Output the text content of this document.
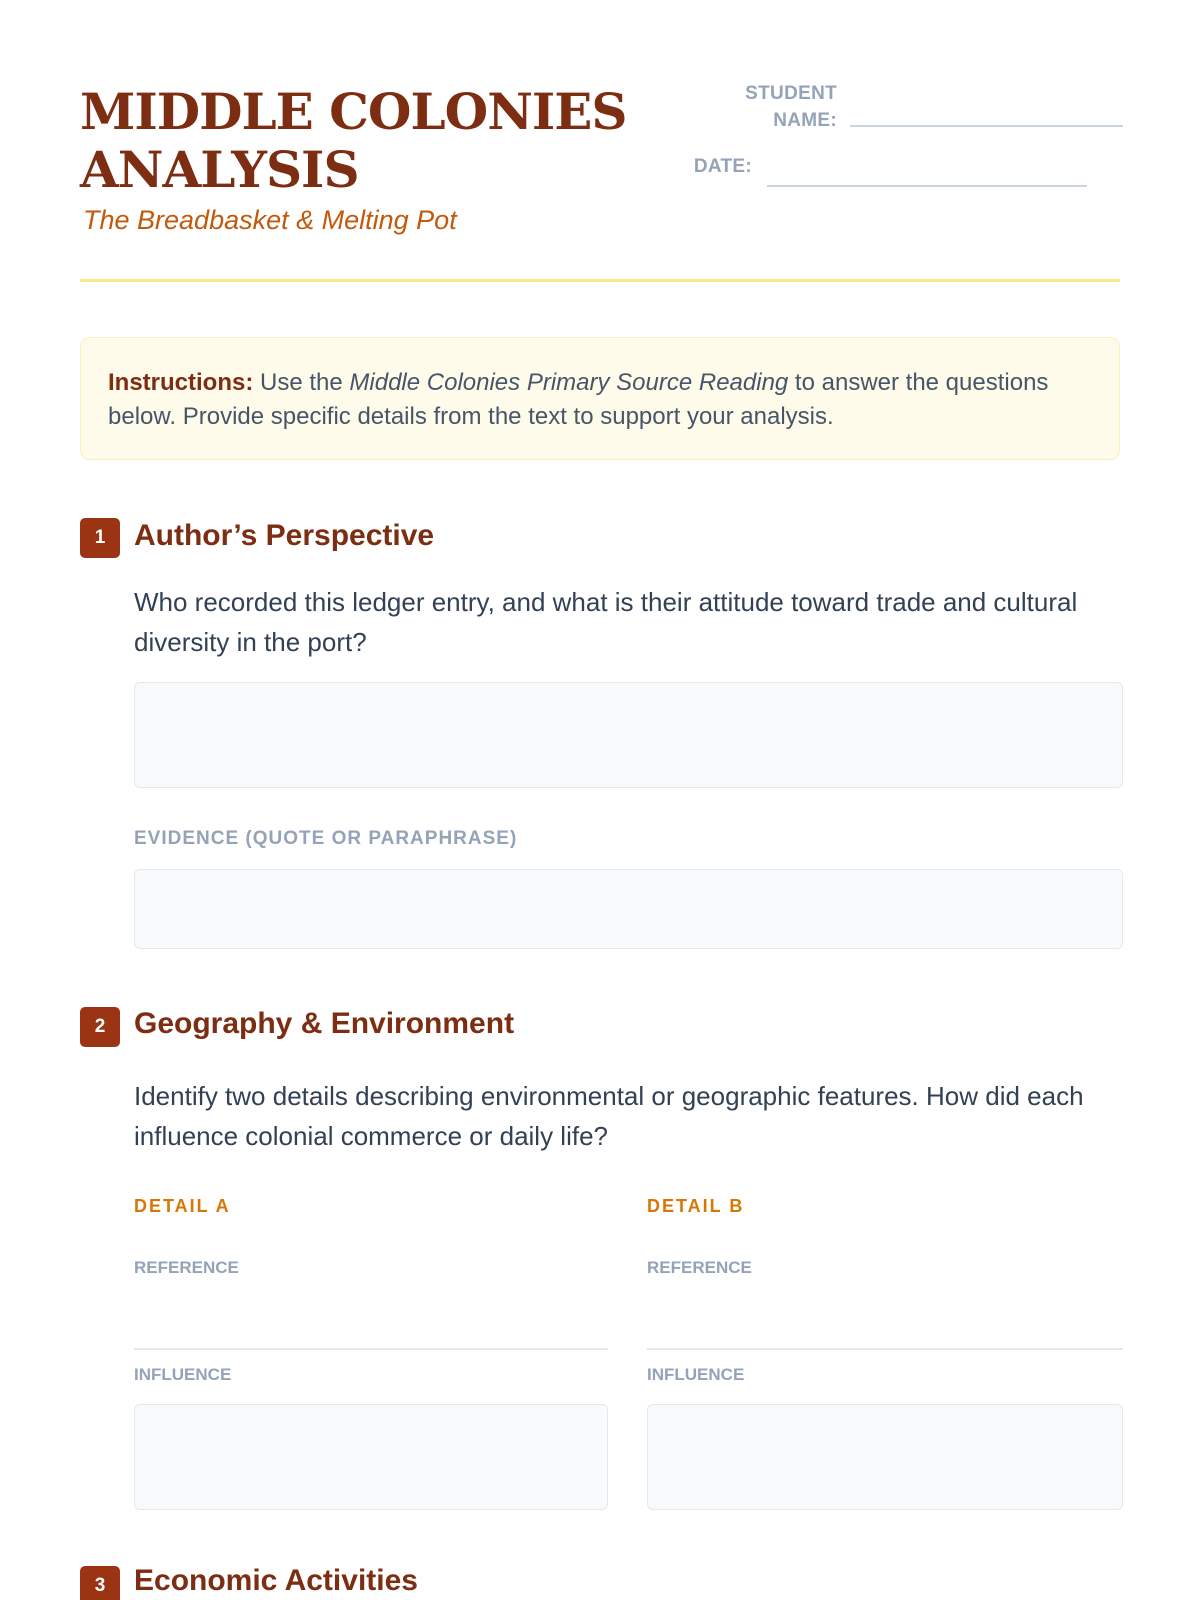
MIDDLE COLONIES ANALYSIS
The Breadbasket & Melting Pot
STUDENT
NAME:
DATE:
Instructions: Use the Middle Colonies Primary Source Reading to answer the questions below. Provide specific details from the text to support your analysis.
1 Author’s Perspective
Who recorded this ledger entry, and what is their attitude toward trade and cultural diversity in the port?
EVIDENCE (QUOTE OR PARAPHRASE)
2 Geography & Environment
Identify two details describing environmental or geographic features. How did each influence colonial commerce or daily life?
DETAIL A
REFERENCE
INFLUENCE
DETAIL B
REFERENCE
INFLUENCE
3 Economic Activities
